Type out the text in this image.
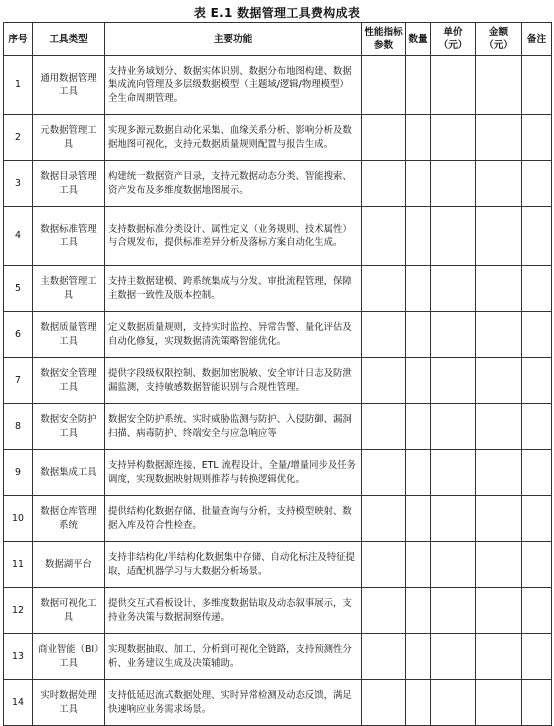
表 E.1 数据管理工具费构成表
序号	工具类型	主要功能	性能指标参数	数量	单价（元）	金额（元）	备注
1	通用数据管理工具	支持业务域划分、数据实体识别、数据分布地图构建、数据集成流向管理及多层级数据模型（主题域/逻辑/物理模型）全生命周期管理。					
2	元数据管理工具	实现多源元数据自动化采集、血缘关系分析、影响分析及数据地图可视化，支持元数据质量规则配置与报告生成。					
3	数据目录管理工具	构建统一数据资产目录，支持元数据动态分类、智能搜索、资产发布及多维度数据地图展示。					
4	数据标准管理工具	支持数据标准分类设计、属性定义（业务规则、技术属性）与合规发布，提供标准差异分析及落标方案自动化生成。					
5	主数据管理工具	支持主数据建模、跨系统集成与分发、审批流程管理，保障主数据一致性及版本控制。					
6	数据质量管理工具	定义数据质量规则，支持实时监控、异常告警、量化评估及自动化修复，实现数据清洗策略智能优化。					
7	数据安全管理工具	提供字段级权限控制、数据加密脱敏、安全审计日志及防泄漏监测，支持敏感数据智能识别与合规性管理。					
8	数据安全防护工具	数据安全防护系统、实时威胁监测与防护、入侵防御、漏洞扫描、病毒防护、终端安全与应急响应等					
9	数据集成工具	支持异构数据源连接、ETL 流程设计、全量/增量同步及任务调度，实现数据映射规则推荐与转换逻辑优化。					
10	数据仓库管理系统	提供结构化数据存储、批量查询与分析，支持模型映射、数据入库及符合性检查。					
11	数据湖平台	支持非结构化/半结构化数据集中存储、自动化标注及特征提取，适配机器学习与大数据分析场景。					
12	数据可视化工具	提供交互式看板设计、多维度数据钻取及动态叙事展示，支持业务决策与数据洞察传递。					
13	商业智能（BI）工具	实现数据抽取、加工、分析到可视化全链路，支持预测性分析、业务建议生成及决策辅助。					
14	实时数据处理工具	支持低延迟流式数据处理、实时异常检测及动态反馈，满足快速响应业务需求场景。					
